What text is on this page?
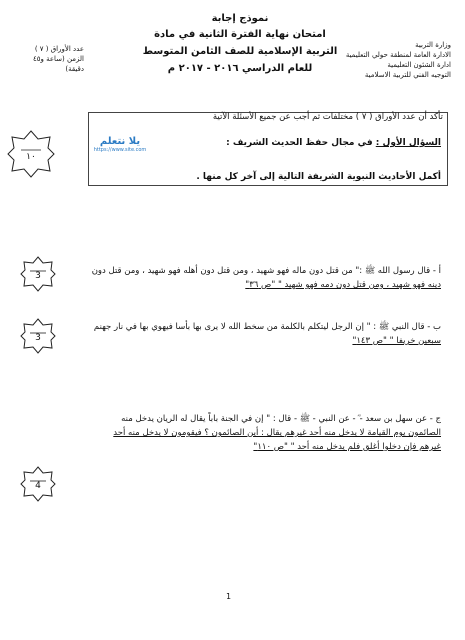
وزارة التربية
الادارة العامة لمنطقة حولي التعليمية
ادارة الشئون التعليمية
التوجيه الفني للتربية الاسلامية
نموذج إجابة
امتحان نهاية الفترة الثانية في مادة
التربية الإسلامية للصف الثامن المتوسط
للعام الدراسي ٢٠١٦ - ٢٠١٧ م
عدد الأوراق ( ٧ )
الزمن (ساعة و٤٥ دقيقة)
تأكد أن عدد الأوراق ( ٧ ) مختلفات ثم أجب عن جميع الأسئلة الآتية
السؤال الأول : في مجال حفظ الحديث الشريف :
أكمل الأحاديث النبوية الشريفة التالية إلى آخر كل منها .
يلا نتعلم
https://www.site.com
١٠
أ - قال رسول الله ﷺ :" من قتل دون ماله فهو شهيد ، ومن قتل دون أهله فهو شهيد ، ومن قتل دون
دينه فهو شهيد ، ومن قتل دون دمه فهو شهيد " "ص ٣٦"
3
ب - قال النبي ﷺ : " إن الرجل ليتكلم بالكلمة من سخط الله لا يرى بها بأسا فيهوي بها في نار جهنم
سبعين خريفا " "ص ١٤٣"
3
ج - عن سهل بن سعد - ؓ - عن النبي - ﷺ - قال : " إن في الجنة باباً يقال له الريان يدخل منه
الصائمون يوم القيامة لا يدخل منه أحد غيرهم يقال : أين الصائمون ؟ فيقومون لا يدخل منه أحد
غيرهم فإن دخلوا أغلق فلم يدخل منه أحد " "ص ١١٠"
4
1
